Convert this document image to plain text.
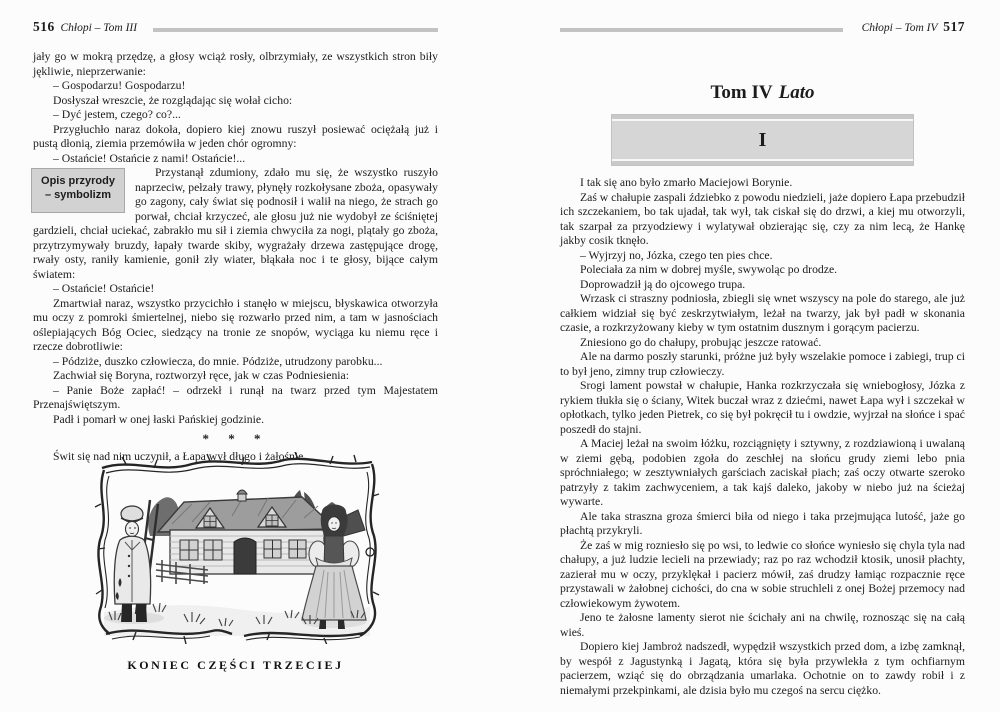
516 Chłopi – Tom III

jały go w mokrą przędzę, a głosy wciąż rosły, olbrzymiały, ze wszystkich stron biły jękliwie, nieprzerwanie:

– Gospodarzu! Gospodarzu!

Dosłyszał wreszcie, że rozglądając się wołał cicho:

– Dyć jestem, czego? co?...

Przygłuchło naraz dokoła, dopiero kiej znowu ruszył posiewać ociężałą już i pustą dłonią, ziemia przemówiła w jeden chór ogromny:

– Ostańcie! Ostańcie z nami! Ostańcie!...

Opis przyrody
– symbolizm
Przystanął zdumiony, zdało mu się, że wszystko ruszyło naprzeciw, pełzały trawy, płynęły rozkołysane zboża, opasywały go zagony, cały świat się podnosił i walił na niego, że strach go porwał, chciał krzyczeć, ale głosu już nie wydobył ze ściśniętej gardzieli, chciał uciekać, zabrakło mu sił i ziemia chwyciła za nogi, plątały go zboża, przytrzymywały bruzdy, łapały twarde skiby, wygrażały drzewa zastępujące drogę, rwały osty, raniły kamienie, gonił zły wiater, błąkała noc i te głosy, bijące całym światem:

– Ostańcie! Ostańcie!

Zmartwiał naraz, wszystko przycichło i stanęło w miejscu, błyskawica otworzyła mu oczy z pomroki śmiertelnej, niebo się rozwarło przed nim, a tam w jasnościach oślepiających Bóg Ociec, siedzący na tronie ze snopów, wyciąga ku niemu ręce i rzecze dobrotliwie:

– Pódziże, duszko człowiecza, do mnie. Pódziże, utrudzony parobku...

Zachwiał się Boryna, roztworzył ręce, jak w czas Podniesienia:

– Panie Boże zapłać! – odrzekł i runął na twarz przed tym Majestatem Przenajświętszym.

Padł i pomarł w onej łaski Pańskiej godzinie.

* * *

Świt się nad nim uczynił, a Łapa wył długo i żałośnie...

KONIEC CZĘŚCI TRZECIEJ
Chłopi – Tom IV 517
Tom IV Lato
I

I tak się ano było zmarło Maciejowi Borynie.

Zaś w chałupie zaspali ździebko z powodu niedzieli, jaże dopiero Łapa przebudził ich szczekaniem, bo tak ujadał, tak wył, tak ciskał się do drzwi, a kiej mu otworzyli, tak szarpał za przyodziewy i wylatywał obzierając się, czy za nim lecą, że Hankę jakby cosik tknęło.

– Wyjrzyj no, Józka, czego ten pies chce.

Poleciała za nim w dobrej myśle, swywoląc po drodze.

Doprowadził ją do ojcowego trupa.

Wrzask ci straszny podniosła, zbiegli się wnet wszyscy na pole do starego, ale już całkiem widział się być zeskrzytwiałym, leżał na twarzy, jak był padł w skonania czasie, a rozkrzyżowany kieby w tym ostatnim dusznym i gorącym pacierzu.

Zniesiono go do chałupy, probując jeszcze ratować.

Ale na darmo poszły starunki, próżne już były wszelakie pomoce i zabiegi, trup ci to był jeno, zimny trup człowieczy.

Srogi lament powstał w chałupie, Hanka rozkrzyczała się wniebogłosy, Józka z rykiem tłukła się o ściany, Witek buczał wraz z dziećmi, nawet Łapa wył i szczekał w opłotkach, tylko jeden Pietrek, co się był pokręcił tu i owdzie, wyjrzał na słońce i spać poszedł do stajni.

A Maciej leżał na swoim łóżku, rozciągnięty i sztywny, z rozdziawioną i uwalaną w ziemi gębą, podobien zgoła do zeschłej na słońcu grudy ziemi lebo pnia spróchniałego; w zesztywniałych garściach zaciskał piach; zaś oczy otwarte szeroko patrzyły z takim zachwyceniem, a tak kajś daleko, jakoby w niebo już na ścieżaj wywarte.

Ale taka straszna groza śmierci biła od niego i taka przejmująca lutość, jaże go płachtą przykryli.

Że zaś w mig rozniesło się po wsi, to ledwie co słońce wyniesło się chyla tyla nad chałupy, a już ludzie lecieli na przewiady; raz po raz wchodził ktosik, unosił płachty, zazierał mu w oczy, przyklękał i pacierz mówił, zaś drudzy łamiąc rozpacznie ręce przystawali w żałobnej cichości, do cna w sobie struchleli z onej Bożej przemocy nad człowiekowym żywotem.

Jeno te żałosne lamenty sierot nie ścichały ani na chwilę, roznosząc się na całą wieś.

Dopiero kiej Jambroż nadszedł, wypędził wszystkich przed dom, a izbę zamknął, by wespół z Jagustynką i Jagatą, która się była przywlekła z tym ochfiarnym pacierzem, wziąć się do obrządzania umarlaka. Ochotnie on to zawdy robił i z niemałymi przekpinkami, ale dzisia było mu czegoś na sercu ciężko.
